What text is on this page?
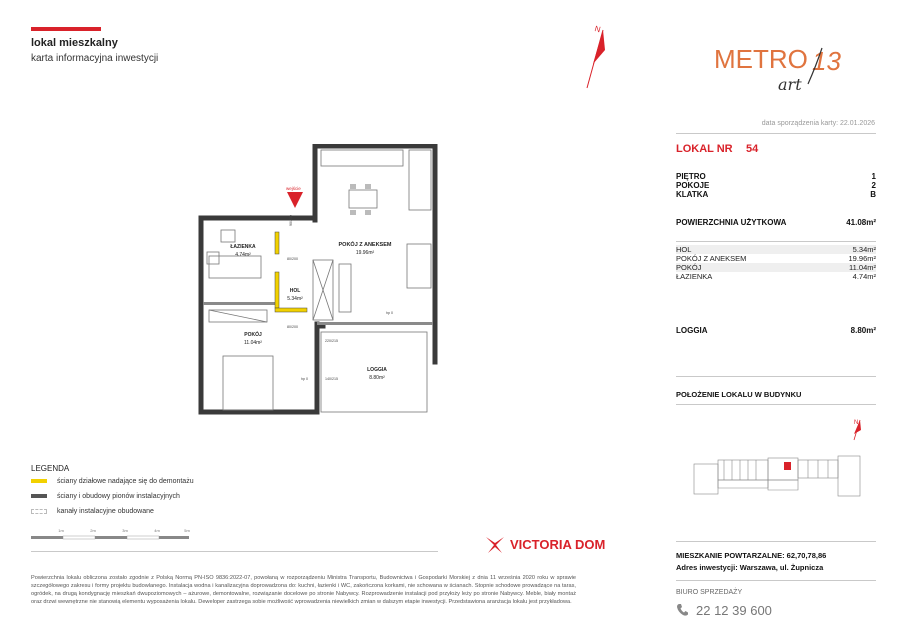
lokal mieszkalny
karta informacyjna inwestycji
N
METRO 13
art
data sporządzenia karty: 22.01.2026
LOKAL NR 54
PIĘTRO	1
POKOJE	2
KLATKA	B
POWIERZCHNIA UŻYTKOWA	41.08m²
HOL	5.34m²
POKÓJ Z ANEKSEM	19.96m²
POKÓJ	11.04m²
ŁAZIENKA	4.74m²
LOGGIA	8.80m²
POŁOŻENIE LOKALU W BUDYNKU
N
wejście
POKÓJ Z ANEKSEM
19.96m²
ŁAZIENKA
4.74m²
HOL
5.34m²
POKÓJ
11.04m²
LOGGIA
8.80m²
90/200
80/200
80/200
220/215
140/215
hp 0
hp 0
LEGENDA
ściany działowe nadające się do demontażu
ściany i obudowy pionów instalacyjnych
kanały instalacyjne obudowane
1m	2m	3m	4m	5m
VICTORIA DOM
Powierzchnia lokalu obliczona zostało zgodnie z Polską Normą PN-ISO 9836:2022-07, powołaną w rozporządzeniu Ministra Transportu, Budownictwa i Gospodarki Morskiej z dnia 11 września 2020 roku w sprawie szczegółowego zakresu i formy projektu budowlanego. Instalacja wodna i kanalizacyjna doprowadzona do: kuchni, łazienki i WC, zakończona korkami, nie schowana w ścianach. Stopnie schodowe prowadzące na taras, ogródek, na drugą kondygnację mieszkań dwupoziomowych – ażurowe, demontowalne, rozwiązanie docelowe po stronie Nabywcy. Rozprowadzenie instalacji pod przyłoży leży po stronie Nabywcy. Meble, biały montaż oraz drzwi wewnętrzne nie stanowią elementu wyposażenia lokalu. Deweloper zastrzega sobie możliwość wprowadzenia niewielkich zmian w dalszym etapie inwestycji. Przedstawiona aranżacja lokalu jest przykładowa.
MIESZKANIE POWTARZALNE: 62,70,78,86
Adres inwestycji: Warszawa, ul. Żupnicza
BIURO SPRZEDAŻY
22 12 39 600
